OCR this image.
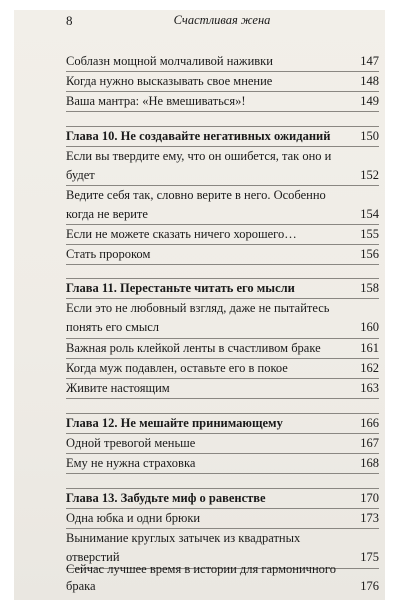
8	Счастливая жена
Соблазн мощной молчаливой наживки	147
Когда нужно высказывать свое мнение	148
Ваша мантра: «Не вмешиваться»!	149
Глава 10. Не создавайте негативных ожиданий	150
Если вы твердите ему, что он ошибется, так оно и будет	152
Ведите себя так, словно верите в него. Особенно когда не верите	154
Если не можете сказать ничего хорошего…	155
Стать пророком	156
Глава 11. Перестаньте читать его мысли	158
Если это не любовный взгляд, даже не пытайтесь понять его смысл	160
Важная роль клейкой ленты в счастливом браке	161
Когда муж подавлен, оставьте его в покое	162
Живите настоящим	163
Глава 12. Не мешайте принимающему	166
Одной тревогой меньше	167
Ему не нужна страховка	168
Глава 13. Забудьте миф о равенстве	170
Одна юбка и одни брюки	173
Вынимание круглых затычек из квадратных отверстий	175
Сейчас лучшее время в истории для гармоничного брака	176
